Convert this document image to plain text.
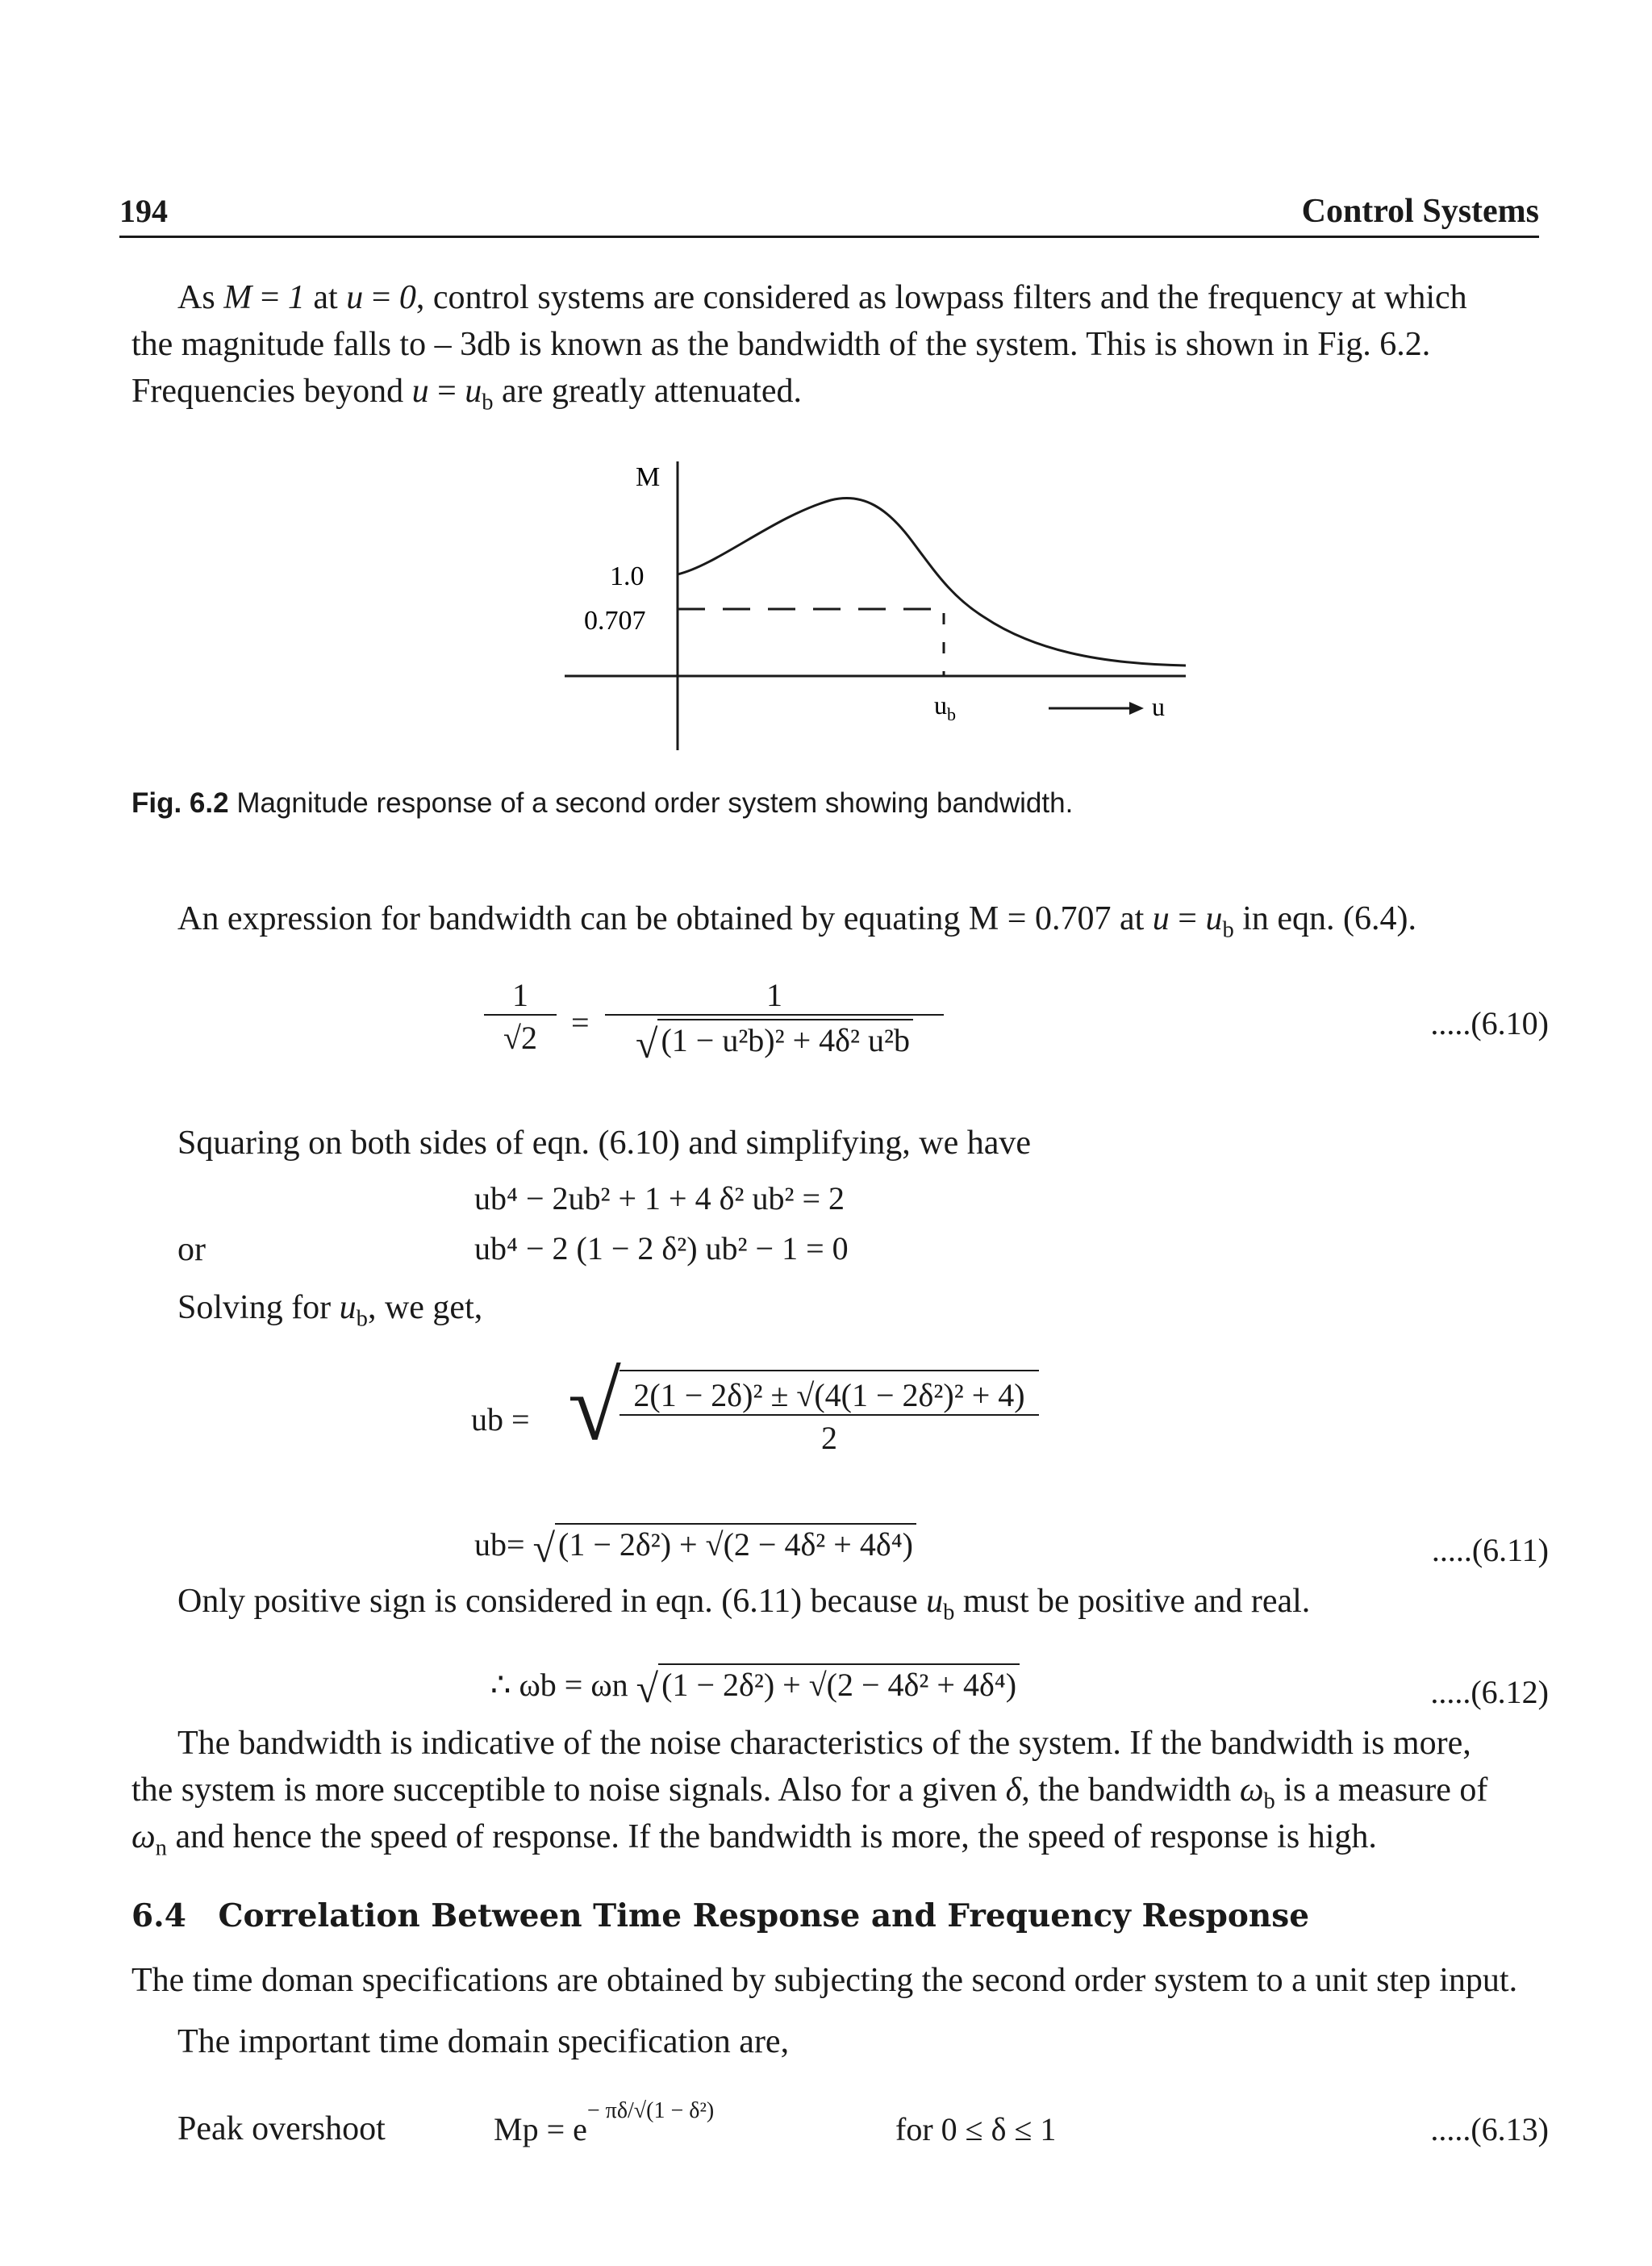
194	Control Systems
As M = 1 at u = 0, control systems are considered as lowpass filters and the frequency at which
the magnitude falls to – 3db is known as the bandwidth of the system. This is shown in Fig. 6.2.
Frequencies beyond $u = u_b$ are greatly attenuated.
M
1.0
0.707
$u_b$	u
Fig. 6.2 Magnitude response of a second order system showing bandwidth.
An expression for bandwidth can be obtained by equating M = 0.707 at $u = u_b$ in eqn. (6.4).
$\frac{1}{√2}$ =
1
√ (1 − u²b)² + 4δ² u²b	.....(6.10)
Squaring on both sides of eqn. (6.10) and simplifying, we have
ub⁴ − 2ub² + 1 + 4 δ² ub² = 2
or	ub⁴ − 2 (1 − 2 δ²) ub² − 1 = 0
Solving for $u_b$, we get,
ub = √
$\frac{\text{2(1 − 2δ)² ± √(4(1 − 2δ²)² + 4)}}{2}$
ub= √ (1 − 2δ²) + √(2 − 4δ² + 4δ⁴)	.....(6.11)
Only positive sign is considered in eqn. (6.11) because $u_b$ must be positive and real.
∴ ωb = ωn √ (1 − 2δ²) + √(2 − 4δ² + 4δ⁴)	.....(6.12)
The bandwidth is indicative of the noise characteristics of the system. If the bandwidth is more,
the system is more succeptible to noise signals. Also for a given δ, the bandwidth $\omega_b$ is a measure of
$\omega_n$ and hence the speed of response. If the bandwidth is more, the speed of response is high.
6.4 Correlation Between Time Response and Frequency Response
The time doman specifications are obtained by subjecting the second order system to a unit step input.
The important time domain specification are,
Peak overshoot	$Mp = e^{- \pi\delta/√(1 - \delta^2)}$
for 0 ≤ δ ≤ 1	.....(6.13)
